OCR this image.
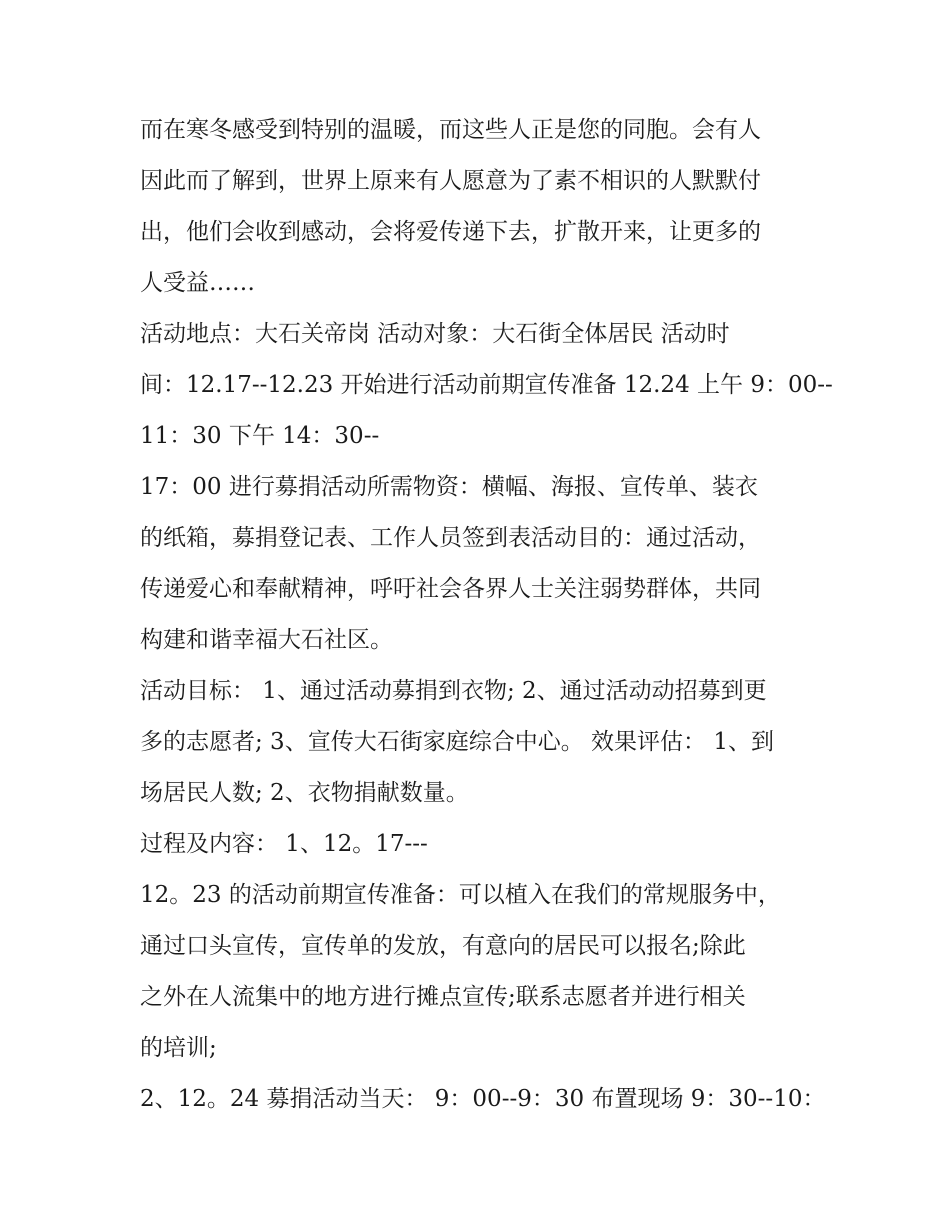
而在寒冬感受到特别的温暖，而这些人正是您的同胞。会有人
因此而了解到，世界上原来有人愿意为了素不相识的人默默付
出，他们会收到感动，会将爱传递下去，扩散开来，让更多的
人受益……
活动地点：大石关帝岗 活动对象：大石街全体居民 活动时
间：12.17--12.23 开始进行活动前期宣传准备 12.24 上午 9：00--
11：30 下午 14：30--
17：00 进行募捐活动所需物资：横幅、海报、宣传单、装衣
的纸箱，募捐登记表、工作人员签到表活动目的：通过活动，
传递爱心和奉献精神，呼吁社会各界人士关注弱势群体，共同
构建和谐幸福大石社区。
活动目标： 1、通过活动募捐到衣物; 2、通过活动动招募到更
多的志愿者; 3、宣传大石街家庭综合中心。 效果评估： 1、到
场居民人数; 2、衣物捐献数量。
过程及内容： 1、12。17---
12。23 的活动前期宣传准备：可以植入在我们的常规服务中，
通过口头宣传，宣传单的发放，有意向的居民可以报名;除此
之外在人流集中的地方进行摊点宣传;联系志愿者并进行相关
的培训;
2、12。24 募捐活动当天： 9：00--9：30 布置现场 9：30--10：
